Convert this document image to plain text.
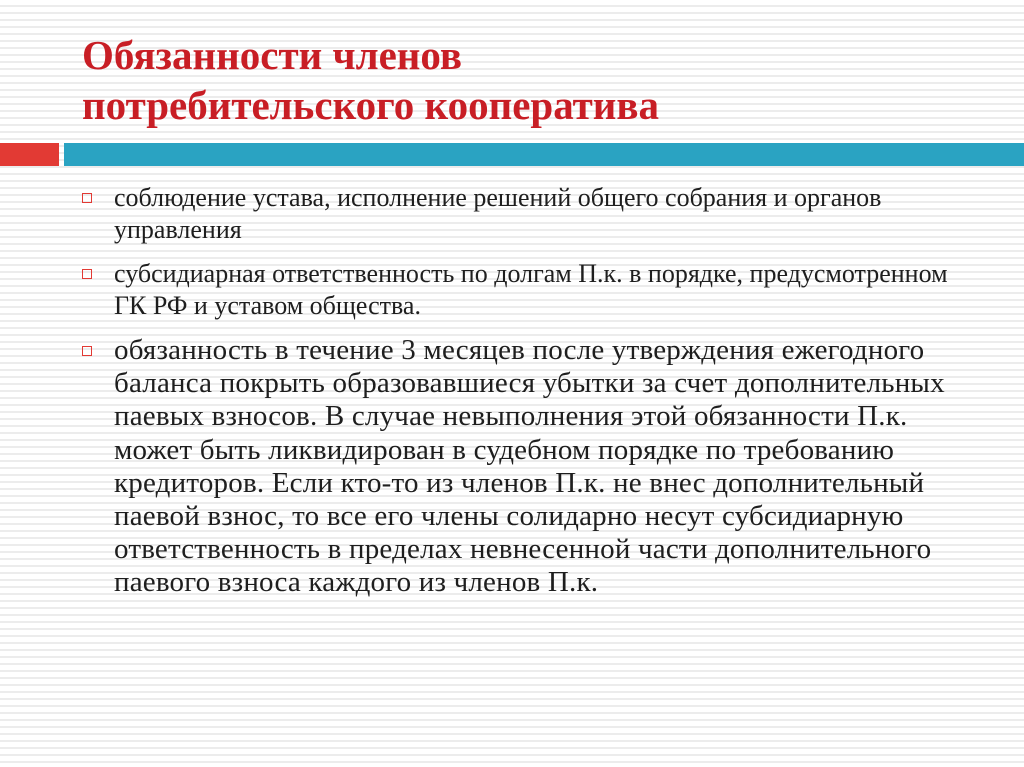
Обязанности членов
потребительского кооператива
соблюдение устава, исполнение решений общего собрания и органов управления
субсидиарная ответственность по долгам П.к. в порядке, предусмотренном ГК РФ и уставом общества.
обязанность в течение 3 месяцев после утверждения ежегодного баланса покрыть образовавшиеся убытки за счет дополнительных паевых взносов. В случае невыполнения этой обязанности П.к. может быть ликвидирован в судебном порядке по требованию кредиторов. Если кто-то из членов П.к. не внес дополнительный паевой взнос, то все его члены солидарно несут субсидиарную ответственность в пределах невнесенной части дополнительного паевого взноса каждого из членов П.к.
